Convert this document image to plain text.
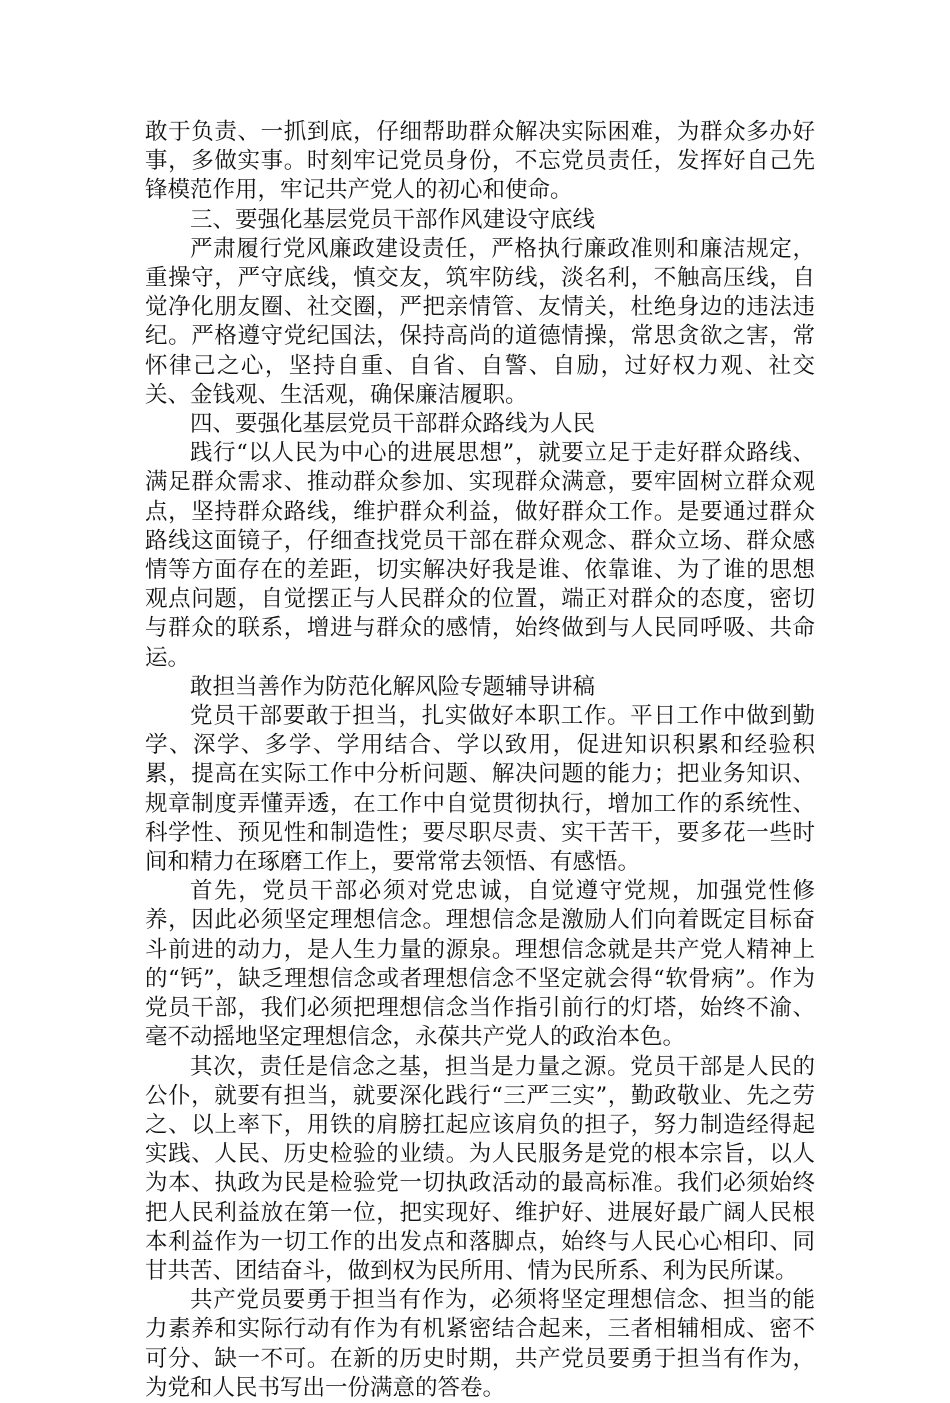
敢于负责、一抓到底，仔细帮助群众解决实际困难，为群众多办好事，多做实事。时刻牢记党员身份，不忘党员责任，发挥好自己先锋模范作用，牢记共产党人的初心和使命。

三、要强化基层党员干部作风建设守底线

严肃履行党风廉政建设责任，严格执行廉政准则和廉洁规定，重操守，严守底线，慎交友，筑牢防线，淡名利，不触高压线，自觉净化朋友圈、社交圈，严把亲情管、友情关，杜绝身边的违法违纪。严格遵守党纪国法，保持高尚的道德情操，常思贪欲之害，常怀律己之心，坚持自重、自省、自警、自励，过好权力观、社交关、金钱观、生活观，确保廉洁履职。

四、要强化基层党员干部群众路线为人民

践行“以人民为中心的进展思想”，就要立足于走好群众路线、满足群众需求、推动群众参加、实现群众满意，要牢固树立群众观点，坚持群众路线，维护群众利益，做好群众工作。是要通过群众路线这面镜子，仔细查找党员干部在群众观念、群众立场、群众感情等方面存在的差距，切实解决好我是谁、依靠谁、为了谁的思想观点问题，自觉摆正与人民群众的位置，端正对群众的态度，密切与群众的联系，增进与群众的感情，始终做到与人民同呼吸、共命运。

敢担当善作为防范化解风险专题辅导讲稿

党员干部要敢于担当，扎实做好本职工作。平日工作中做到勤学、深学、多学、学用结合、学以致用，促进知识积累和经验积累，提高在实际工作中分析问题、解决问题的能力；把业务知识、规章制度弄懂弄透，在工作中自觉贯彻执行，增加工作的系统性、科学性、预见性和制造性；要尽职尽责、实干苦干，要多花一些时间和精力在琢磨工作上，要常常去领悟、有感悟。

首先，党员干部必须对党忠诚，自觉遵守党规，加强党性修养，因此必须坚定理想信念。理想信念是激励人们向着既定目标奋斗前进的动力，是人生力量的源泉。理想信念就是共产党人精神上的“钙”，缺乏理想信念或者理想信念不坚定就会得“软骨病”。作为党员干部，我们必须把理想信念当作指引前行的灯塔，始终不渝、毫不动摇地坚定理想信念，永葆共产党人的政治本色。

其次，责任是信念之基，担当是力量之源。党员干部是人民的公仆，就要有担当，就要深化践行“三严三实”，勤政敬业、先之劳之、以上率下，用铁的肩膀扛起应该肩负的担子，努力制造经得起实践、人民、历史检验的业绩。为人民服务是党的根本宗旨，以人为本、执政为民是检验党一切执政活动的最高标准。我们必须始终把人民利益放在第一位，把实现好、维护好、进展好最广阔人民根本利益作为一切工作的出发点和落脚点，始终与人民心心相印、同甘共苦、团结奋斗，做到权为民所用、情为民所系、利为民所谋。

共产党员要勇于担当有作为，必须将坚定理想信念、担当的能力素养和实际行动有作为有机紧密结合起来，三者相辅相成、密不可分、缺一不可。在新的历史时期，共产党员要勇于担当有作为，为党和人民书写出一份满意的答卷。
